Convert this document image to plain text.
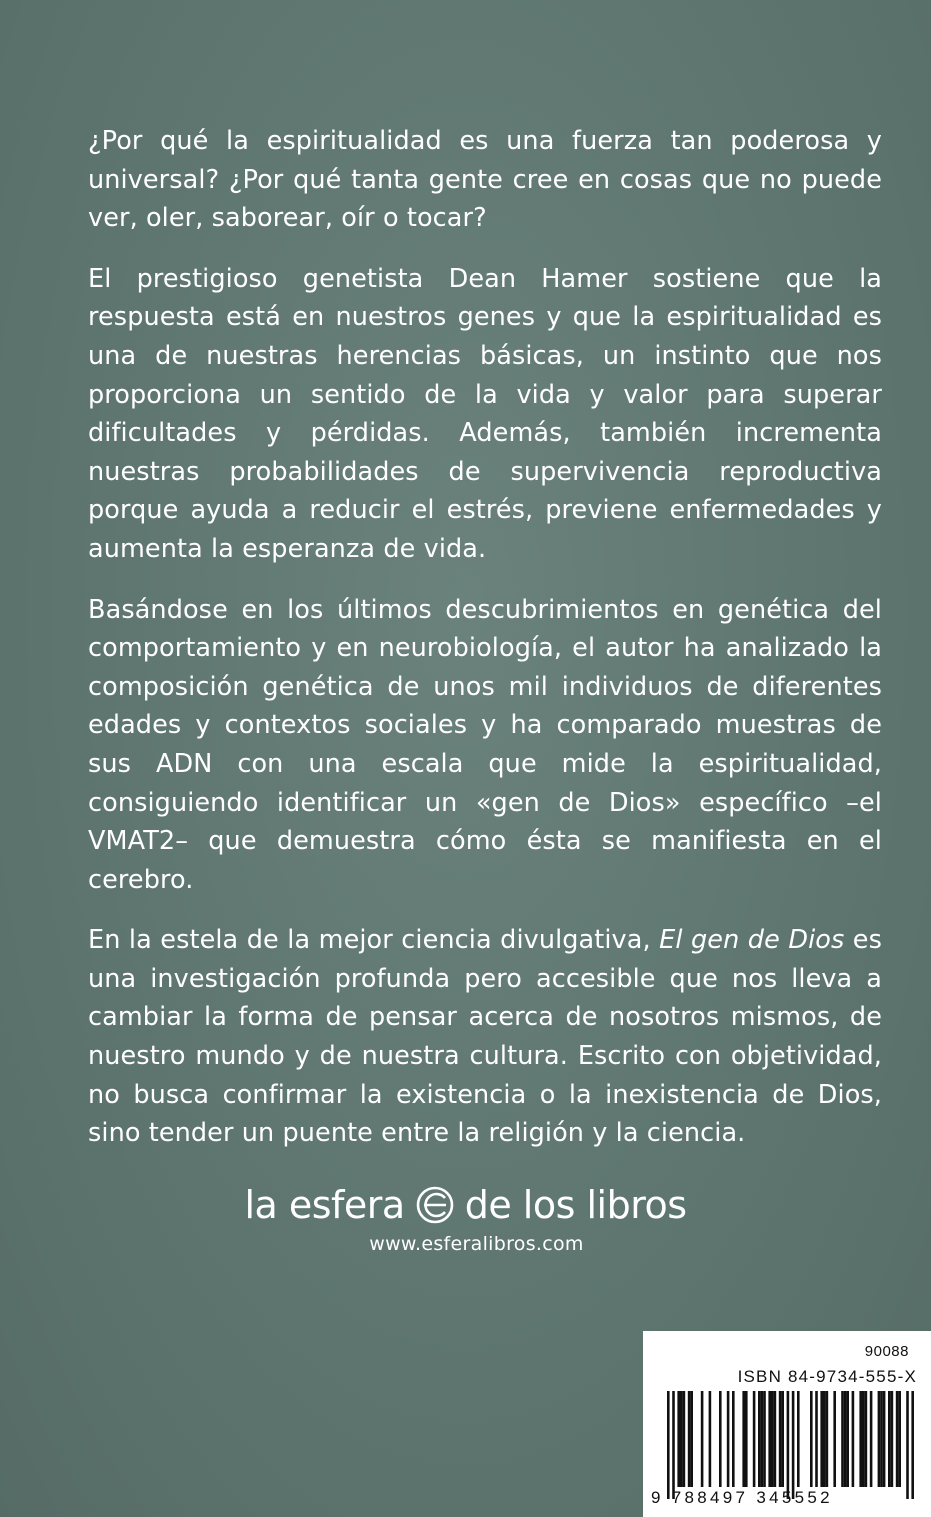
¿Por qué la espiritualidad es una fuerza tan poderosa y universal? ¿Por qué tanta gente cree en cosas que no puede ver, oler, saborear, oír o tocar?

El prestigioso genetista Dean Hamer sostiene que la respuesta está en nuestros genes y que la espiritualidad es una de nuestras herencias básicas, un instinto que nos proporciona un sentido de la vida y valor para superar dificultades y pérdidas. Además, también incrementa nuestras probabilidades de supervivencia reproductiva porque ayuda a reducir el estrés, previene enfermedades y aumenta la esperanza de vida.

Basándose en los últimos descubrimientos en genética del comportamiento y en neurobiología, el autor ha analizado la composición genética de unos mil individuos de diferentes edades y contextos sociales y ha comparado muestras de sus ADN con una escala que mide la espiritualidad, consiguiendo identificar un «gen de Dios» específico –el VMAT2– que demuestra cómo ésta se manifiesta en el cerebro.

En la estela de la mejor ciencia divulgativa, El gen de Dios es una investigación profunda pero accesible que nos lleva a cambiar la forma de pensar acerca de nosotros mismos, de nuestro mundo y de nuestra cultura. Escrito con objetividad, no busca confirmar la existencia o la inexistencia de Dios, sino tender un puente entre la religión y la ciencia.

la esfera de los libros
www.esferalibros.com
90088
ISBN 84-9734-555-X
9 788497 345552
